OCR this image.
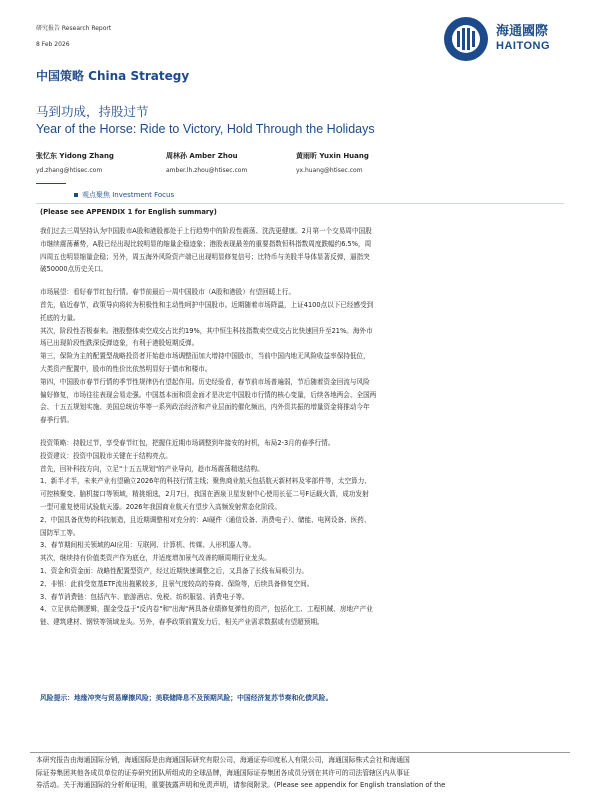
研究报告 Research Report
8 Feb 2026
海通國際
HAITONG
中国策略 China Strategy
马到功成，持股过节
Year of the Horse: Ride to Victory, Hold Through the Holidays
张忆东 Yidong Zhang
yd.zhang@htisec.com
周林孙 Amber Zhou
amber.lh.zhou@htisec.com
黄雨昕 Yuxin Huang
yx.huang@htisec.com
观点聚焦 Investment Focus
(Please see APPENDIX 1 for English summary)

我们过去三周坚持认为中国股市A股和港股都处于上行趋势中的阶段性震荡、洗洗更健康。2月第一个交易周中国股

市继续震荡蓄势，A股已经出现比较明显的缩量企稳迹象；港股表现最差的重要指数恒科指数周度跌幅约6.5%，周

四周五也明显缩量企稳；另外，周五海外风险资产端已出现明显修复信号；比特币与美股半导体显著反弹，逼指突

破50000点历史关口。

市场展望：看好春节红包行情。春节前最后一周中国股市（A股和港股）有望回暖上行。

首先，临近春节，政策导向将转为积极性和主动性呵护中国股市。近期随着市场降温，上证4100点以下已经感受到

托底的力量。

其次，阶段性否极泰来。港股整体卖空成交占比约19%，其中恒生科技指数卖空成交占比快速回升至21%。海外市

场已出现阶段性跌深反弹迹象，有利于港股短期反弹。

第三，保险为主的配置型战略投资者开始趁市场调整而加大增持中国股市，当前中国内地无风险收益率保持低位，

大类资产配置中，股市的性价比依然明显好于债市和楼市。

第四，中国股市春节行情的季节性规律仍有望起作用。历史经验看，春节前市场普遍弱，节后随着资金回流与风险

偏好修复，市场往往表现会易走强。中国基本面和资金面才是决定中国股市行情的核心变量，后续各地两会、全国两

会、十五五规划实施、美国总统访华等一系列政治经济和产业层面的催化频出，内外资共振的增量资金将推动今年

春季行情。

投资策略：持股过节，享受春节红包，把握住近期市场调整到年接安的时机，布局2-3月的春季行情。

投资建议：投资中国股市关键在于结构亮点。

首先，回补科技方向，立足"十五五规划"的产业导向，趁市场震荡精选结构。

1、新半才半，未来产业有望确立2026年的科技行情主线；聚焦商业航天包括航天新材料及零部件等，太空算力、

可控核聚变、脑机接口等领域，精挑细选，2月7日，我国在酒泉卫星发射中心使用长征二号F运载火箭，成功发射

一型可重复使用试验航天器。2026年我国商业航天有望步入高频发射常态化阶段。

2、中国具备优势的科技制造，且近期调整相对充分的：AI硬件（通信设备、消费电子）、储能、电网设备、医药、

国防军工等。

3、春节期间相关领域的AI应用：互联网、计算机、传媒、人形机器人等。

其次，继续持有价值类资产作为底仓，并适度增加景气改善的顺周期行业龙头。

1、资金和资金面：战略性配置型资产，经过近期快速调整之后，又具备了长线布局吸引力。

2、非银：此前受宽基ETF流出拖累较多，且景气度较高的券商、保险等，后续具备修复空间。

3、春节消费链：包括汽车、旅游酒店、免税、纺织服装、消费电子等。

4、立足供给侧逻辑，握金受益于"反内卷"和"出海"两具备业绩修复弹性的资产，包括化工、工程机械、房地产产业

链、建筑建材、钢铁等领域龙头。另外，春季政策前置发力后，相关产业需求数据或有望超预期。

风险提示：地缘冲突与贸易摩擦风险；美联储降息不及预期风险；中国经济复苏节奏和化债风险。
本研究报告由海通国际分销，海通国际是由海通国际研究有限公司，海通证券印度私人有限公司，海通国际株式会社和海通国
际证券集团其他各成员单位的证券研究团队所组成的全球品牌，海通国际证券集团各成员分别在其许可的司法管辖区内从事证
券活动。关于海通国际的分析师证明，重要披露声明和免责声明，请参阅附录。(Please see appendix for English translation of the
